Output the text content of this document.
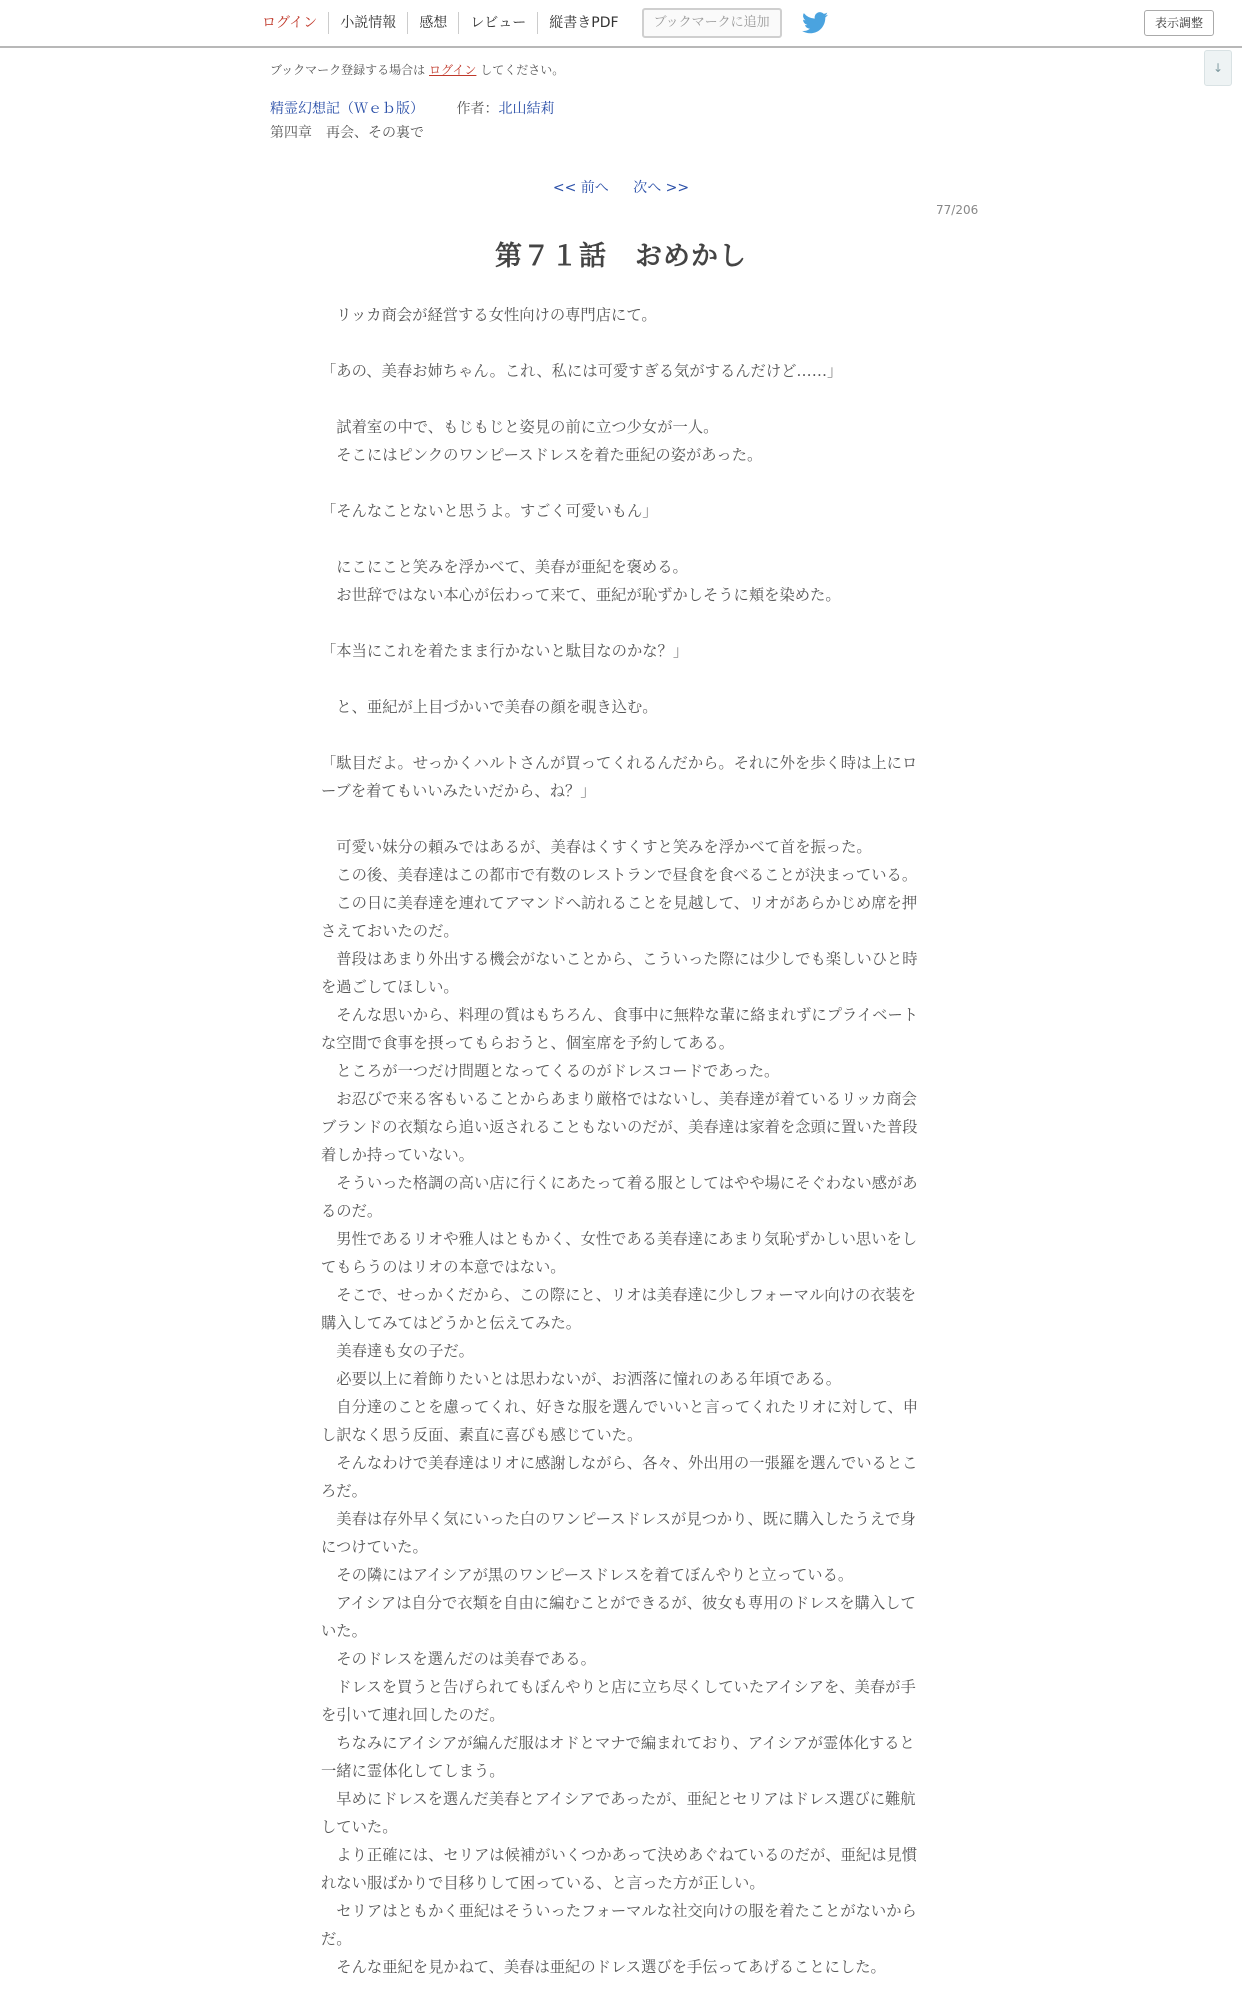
ログイン	小説情報	感想	レビュー	縦書きPDF	ブックマークに追加	表示調整
↓
ブックマーク登録する場合は ログイン してください。
精霊幻想記（Ｗｅｂ版） 作者：北山結莉
第四章　再会、その裏で
<< 前へ 次へ >>
77/206
第７１話　おめかし
　リッカ商会が経営する女性向けの専門店にて。
「あの、美春お姉ちゃん。これ、私には可愛すぎる気がするんだけど……」
　試着室の中で、もじもじと姿見の前に立つ少女が一人。
　そこにはピンクのワンピースドレスを着た亜紀の姿があった。
「そんなことないと思うよ。すごく可愛いもん」
　にこにこと笑みを浮かべて、美春が亜紀を褒める。
　お世辞ではない本心が伝わって来て、亜紀が恥ずかしそうに頬を染めた。
「本当にこれを着たまま行かないと駄目なのかな？」
　と、亜紀が上目づかいで美春の顔を覗き込む。
「駄目だよ。せっかくハルトさんが買ってくれるんだから。それに外を歩く時は上にローブを着てもいいみたいだから、ね？」
　可愛い妹分の頼みではあるが、美春はくすくすと笑みを浮かべて首を振った。
　この後、美春達はこの都市で有数のレストランで昼食を食べることが決まっている。
　この日に美春達を連れてアマンドへ訪れることを見越して、リオがあらかじめ席を押さえておいたのだ。
　普段はあまり外出する機会がないことから、こういった際には少しでも楽しいひと時を過ごしてほしい。
　そんな思いから、料理の質はもちろん、食事中に無粋な輩に絡まれずにプライベートな空間で食事を摂ってもらおうと、個室席を予約してある。
　ところが一つだけ問題となってくるのがドレスコードであった。
　お忍びで来る客もいることからあまり厳格ではないし、美春達が着ているリッカ商会ブランドの衣類なら追い返されることもないのだが、美春達は家着を念頭に置いた普段着しか持っていない。
　そういった格調の高い店に行くにあたって着る服としてはやや場にそぐわない感があるのだ。
　男性であるリオや雅人はともかく、女性である美春達にあまり気恥ずかしい思いをしてもらうのはリオの本意ではない。
　そこで、せっかくだから、この際にと、リオは美春達に少しフォーマル向けの衣装を購入してみてはどうかと伝えてみた。
　美春達も女の子だ。
　必要以上に着飾りたいとは思わないが、お洒落に憧れのある年頃である。
　自分達のことを慮ってくれ、好きな服を選んでいいと言ってくれたリオに対して、申し訳なく思う反面、素直に喜びも感じていた。
　そんなわけで美春達はリオに感謝しながら、各々、外出用の一張羅を選んでいるところだ。
　美春は存外早く気にいった白のワンピースドレスが見つかり、既に購入したうえで身につけていた。
　その隣にはアイシアが黒のワンピースドレスを着てぼんやりと立っている。
　アイシアは自分で衣類を自由に編むことができるが、彼女も専用のドレスを購入していた。
　そのドレスを選んだのは美春である。
　ドレスを買うと告げられてもぼんやりと店に立ち尽くしていたアイシアを、美春が手を引いて連れ回したのだ。
　ちなみにアイシアが編んだ服はオドとマナで編まれており、アイシアが霊体化すると一緒に霊体化してしまう。
　早めにドレスを選んだ美春とアイシアであったが、亜紀とセリアはドレス選びに難航していた。
　より正確には、セリアは候補がいくつかあって決めあぐねているのだが、亜紀は見慣れない服ばかりで目移りして困っている、と言った方が正しい。
　セリアはともかく亜紀はそういったフォーマルな社交向けの服を着たことがないからだ。
　そんな亜紀を見かねて、美春は亜紀のドレス選びを手伝ってあげることにした。
